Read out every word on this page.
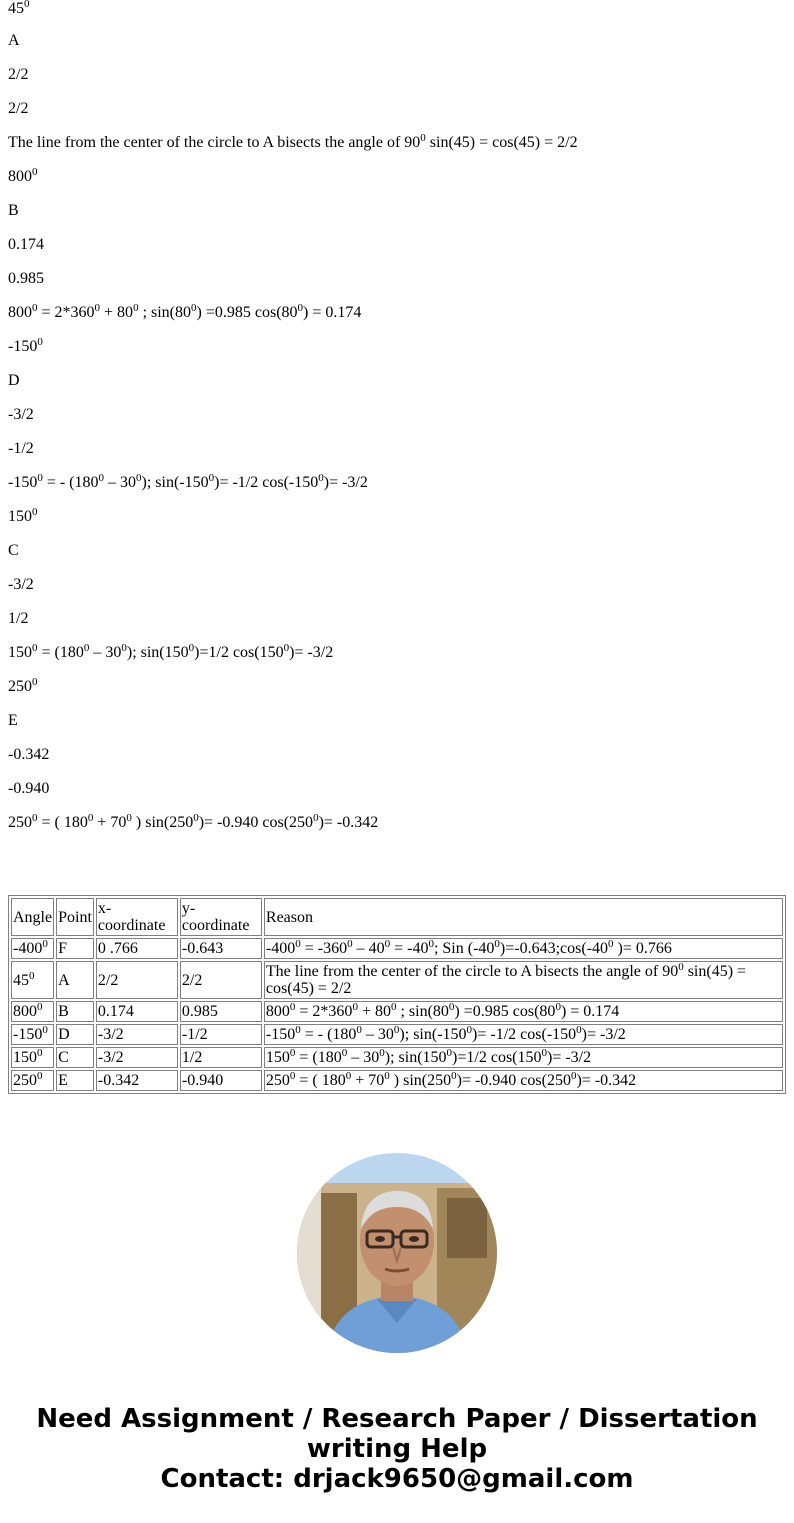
$45^0$
A
2/2
2/2
The line from the center of the circle to A bisects the angle of $90^0$ sin(45) = cos(45) = 2/2
$800^0$
B
0.174
0.985
$800^0 = 2*360^0 + 80^0$ ; $\sin(80^0) =0.985$ $\cos(80^0) = 0.174$
$-150^0$
D
-3/2
-1/2
$-150^0$ = - $(180^0 - 30^0)$; $\sin(-150^0)= -1/2$ $\cos(-150^0)= -3/2$
$150^0$
C
-3/2
1/2
$150^0 = (180^0 - 30^0)$; $\sin(150^0)=1/2$ $\cos(150^0)= -3/2$
$250^0$
E
-0.342
-0.940
$250^0$ = ( $180^0 + 70^0$ ) $\sin(250^0)= -0.940$ $\cos(250^0)= -0.342$
Angle	Point	x-coordinate	y-coordinate	Reason
$-400^0$	F	0 .766	-0.643	$-400^0 = -360^0 - 40^0 = -40^0$; Sin $(-40^0)=-0.643;\cos(-40^0$ )= 0.766
$45^0$	A	2/2	2/2	The line from the center of the circle to A bisects the angle of $90^0$ sin(45) = cos(45) = 2/2
$800^0$	B	0.174	0.985	$800^0 = 2*360^0 + 80^0$ ; $\sin(80^0) =0.985$ $\cos(80^0) = 0.174$
$-150^0$	D	-3/2	-1/2	$-150^0$ = - $(180^0 - 30^0)$; $\sin(-150^0)= -1/2$ $\cos(-150^0)= -3/2$
$150^0$	C	-3/2	1/2	$150^0 = (180^0 - 30^0)$; $\sin(150^0)=1/2$ $\cos(150^0)= -3/2$
$250^0$	E	-0.342	-0.940	$250^0$ = ( $180^0 + 70^0$ ) $\sin(250^0)= -0.940$ $\cos(250^0)= -0.342$
Need Assignment / Research Paper / Dissertation
writing Help
Contact: drjack9650@gmail.com
